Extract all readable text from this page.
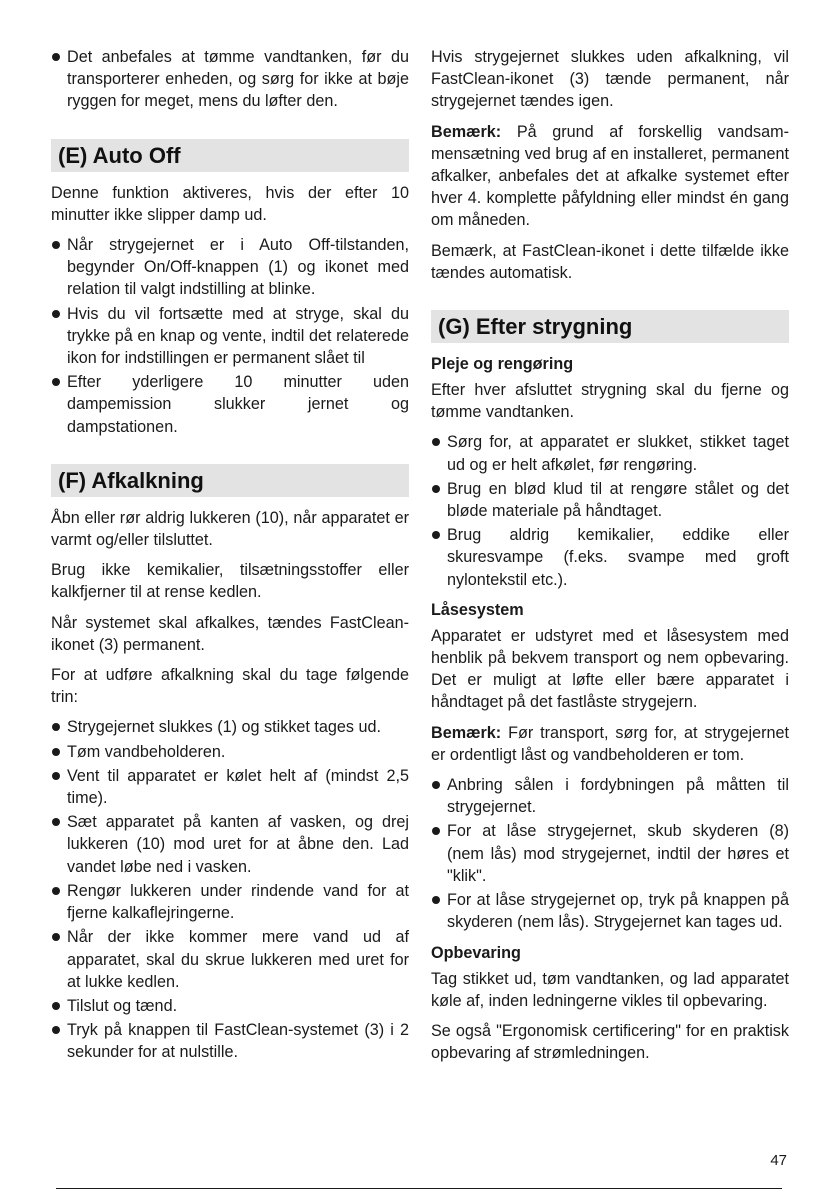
Det anbefales at tømme vandtanken, før du transporterer enheden, og sørg for ikke at bøje ryggen for meget, mens du løfter den.
(E) Auto Off

Denne funktion aktiveres, hvis der efter 10 minutter ikke slipper damp ud.

Når strygejernet er i Auto Off-tilstanden, begynder On/Off-knappen (1) og ikonet med relation til valgt indstilling at blinke.
Hvis du vil fortsætte med at stryge, skal du trykke på en knap og vente, indtil det relaterede ikon for indstillingen er permanent slået til
Efter yderligere 10 minutter uden dampemission slukker jernet og dampstationen.
(F) Afkalkning

Åbn eller rør aldrig lukkeren (10), når apparatet er varmt og/eller tilsluttet.

Brug ikke kemikalier, tilsætningsstoffer eller kalkfjerner til at rense kedlen.

Når systemet skal afkalkes, tændes FastClean-ikonet (3) permanent.

For at udføre afkalkning skal du tage følgende trin:

Strygejernet slukkes (1) og stikket tages ud.
Tøm vandbeholderen.
Vent til apparatet er kølet helt af (mindst 2,5 time).
Sæt apparatet på kanten af vasken, og drej lukkeren (10) mod uret for at åbne den. Lad vandet løbe ned i vasken.
Rengør lukkeren under rindende vand for at fjerne kalkaflejringerne.
Når der ikke kommer mere vand ud af apparatet, skal du skrue lukkeren med uret for at lukke kedlen.
Tilslut og tænd.
Tryk på knappen til FastClean-systemet (3) i 2 sekunder for at nulstille.

Hvis strygejernet slukkes uden afkalkning, vil FastClean-ikonet (3) tænde permanent, når strygejernet tændes igen.

Bemærk: På grund af forskellig vandsammensætning ved brug af en installeret, permanent afkalker, anbefales det at afkalke systemet efter hver 4. komplette påfyldning eller mindst én gang om måneden.

Bemærk, at FastClean-ikonet i dette tilfælde ikke tændes automatisk.

(G) Efter strygning
Pleje og rengøring

Efter hver afsluttet strygning skal du fjerne og tømme vandtanken.

Sørg for, at apparatet er slukket, stikket taget ud og er helt afkølet, før rengøring.
Brug en blød klud til at rengøre stålet og det bløde materiale på håndtaget.
Brug aldrig kemikalier, eddike eller skuresvampe (f.eks. svampe med groft nylontekstil etc.).
Låsesystem

Apparatet er udstyret med et låsesystem med henblik på bekvem transport og nem opbevaring. Det er muligt at løfte eller bære apparatet i håndtaget på det fastlåste strygejern.

Bemærk: Før transport, sørg for, at strygejernet er ordentligt låst og vandbeholderen er tom.

Anbring sålen i fordybningen på måtten til strygejernet.
For at låse strygejernet, skub skyderen (8) (nem lås) mod strygejernet, indtil der høres et "klik".
For at låse strygejernet op, tryk på knappen på skyderen (nem lås). Strygejernet kan tages ud.
Opbevaring

Tag stikket ud, tøm vandtanken, og lad apparatet køle af, inden ledningerne vikles til opbevaring.

Se også "Ergonomisk certificering" for en praktisk opbevaring af strømledningen.

47
